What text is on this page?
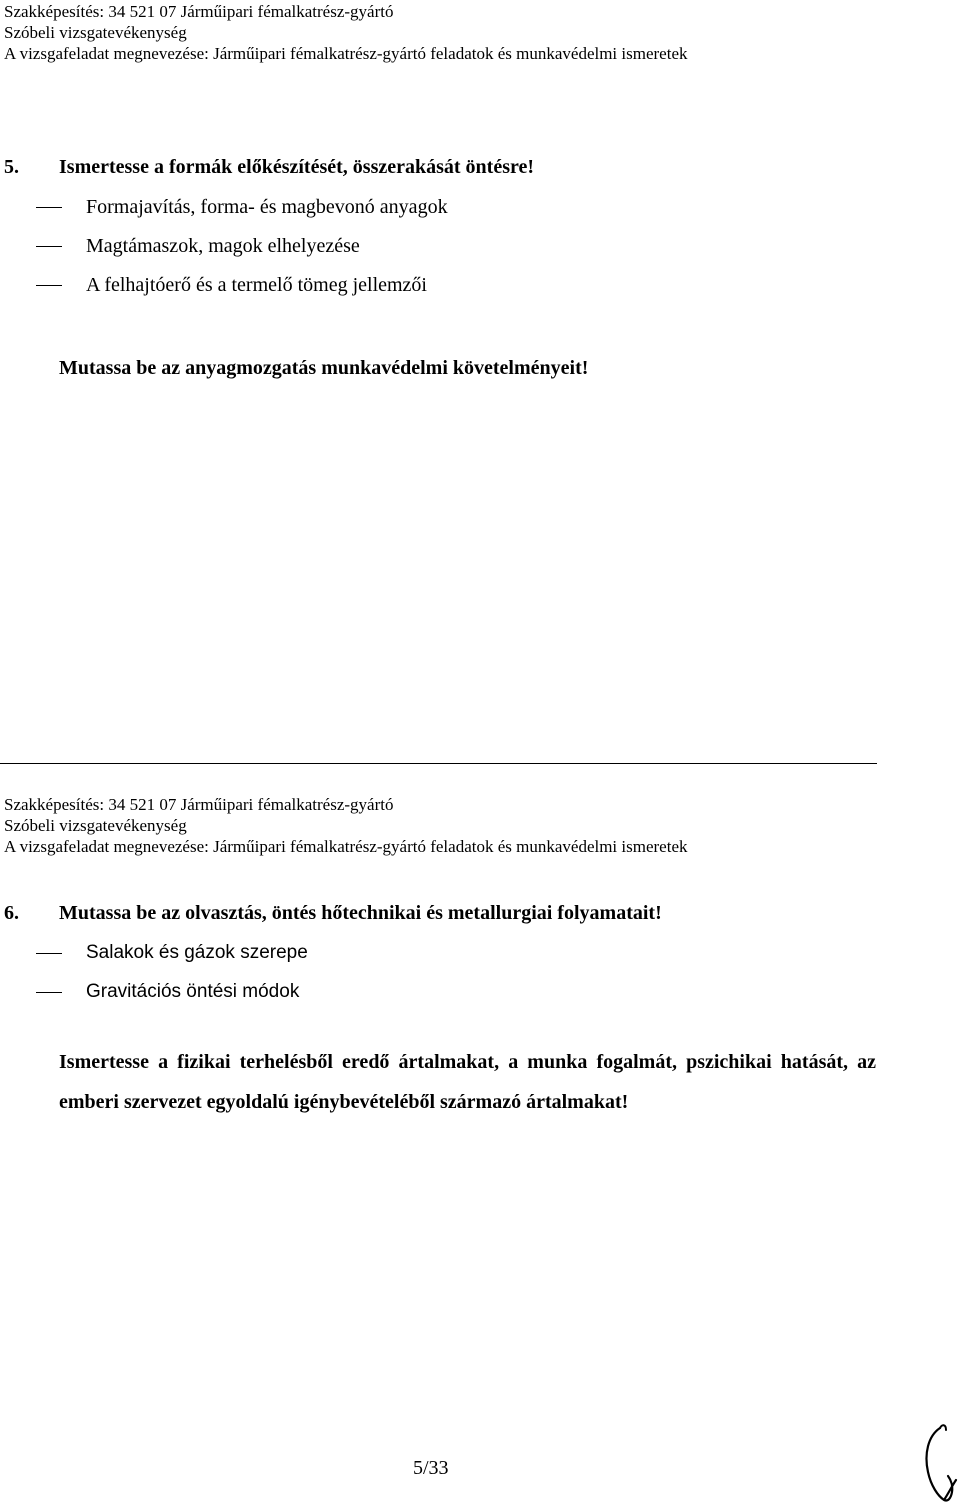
Szakképesítés: 34 521 07 Járműipari fémalkatrész-gyártó
Szóbeli vizsgatevékenység
A vizsgafeladat megnevezése: Járműipari fémalkatrész-gyártó feladatok és munkavédelmi ismeretek
5. Ismertesse a formák előkészítését, összerakását öntésre!
Formajavítás, forma- és magbevonó anyagok
Magtámaszok, magok elhelyezése
A felhajtóerő és a termelő tömeg jellemzői
Mutassa be az anyagmozgatás munkavédelmi követelményeit!
Szakképesítés: 34 521 07 Járműipari fémalkatrész-gyártó
Szóbeli vizsgatevékenység
A vizsgafeladat megnevezése: Járműipari fémalkatrész-gyártó feladatok és munkavédelmi ismeretek
6. Mutassa be az olvasztás, öntés hőtechnikai és metallurgiai folyamatait!
Salakok és gázok szerepe
Gravitációs öntési módok
Ismertesse a fizikai terhelésből eredő ártalmakat, a munka fogalmát, pszichikai hatását, az emberi szervezet egyoldalú igénybevételéből származó ártalmakat!
5/33
